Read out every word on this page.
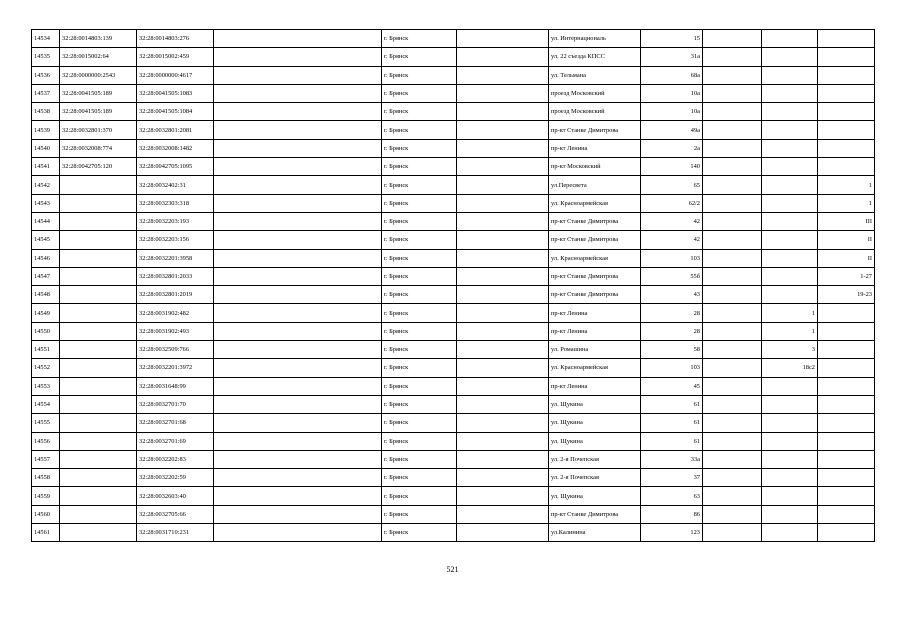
14534	32:28:0014803:139	32:28:0014803:276		г. Брянск		ул. Интернациональ	15			
14535	32:28:0015002:64	32:28:0015002:459		г. Брянск		ул. 22 съезда КПСС	31а			
14536	32:28:0000000:2543	32:28:0000000:4617		г. Брянск		ул. Тельмана	68а			
14537	32:28:0041505:189	32:28:0041505:1083		г. Брянск		проезд Московский	10а			
14538	32:28:0041505:189	32:28:0041505:1084		г. Брянск		проезд Московский	10а			
14539	32:28:0032801:370	32:28:0032801:2081		г. Брянск		пр-кт Станке Димитрова	49а			
14540	32:28:0032008:774	32:28:0032008:1482		г. Брянск		пр-кт Ленина	2а			
14541	32:28:0042705:120	32:28:0042705:1095		г. Брянск		пр-кт Московский	140			
14542		32:28:0032402:31		г. Брянск		ул.Пересвета	65			1
14543		32:28:0032303:318		г. Брянск		ул. Красноармейская	62/2			1
14544		32:28:0032203:193		г. Брянск		пр-кт Станке Димитрова	42			III
14545		32:28:0032203:156		г. Брянск		пр-кт Станке Димитрова	42			II
14546		32:28:0032201:3958		г. Брянск		ул. Красноармейская	103			II
14547		32:28:0032801:2033		г. Брянск		пр-кт Станке Димитрова	55б			1-27
14548		32:28:0032801:2019		г. Брянск		пр-кт Станке Димитрова	43			19-23
14549		32:28:0031902:482		г. Брянск		пр-кт Ленина	28		1	
14550		32:28:0031902:493		г. Брянск		пр-кт Ленина	28		1	
14551		32:28:0032509:766		г. Брянск		ул. Ромашина	58		3	
14552		32:28:0032201:3972		г. Брянск		ул. Красноармейская	103		18с2	
14553		32:28:0031648:99		г. Брянск		пр-кт Ленина	45			
14554		32:28:0032701:70		г. Брянск		ул. Щукина	61			
14555		32:28:0032701:68		г. Брянск		ул. Щукина	61			
14556		32:28:0032701:69		г. Брянск		ул. Щукина	61			
14557		32:28:0032202:83		г. Брянск		ул. 2-я Почепская	33а			
14558		32:28:0032202:59		г. Брянск		ул. 2-я Почепская	37			
14559		32:28:0032603:40		г. Брянск		ул. Щукина	63			
14560		32:28:0032705:66		г. Брянск		пр-кт Станке Димитрова	86			
14561		32:28:0031710:231		г. Брянск		ул.Калинина	123			
521
